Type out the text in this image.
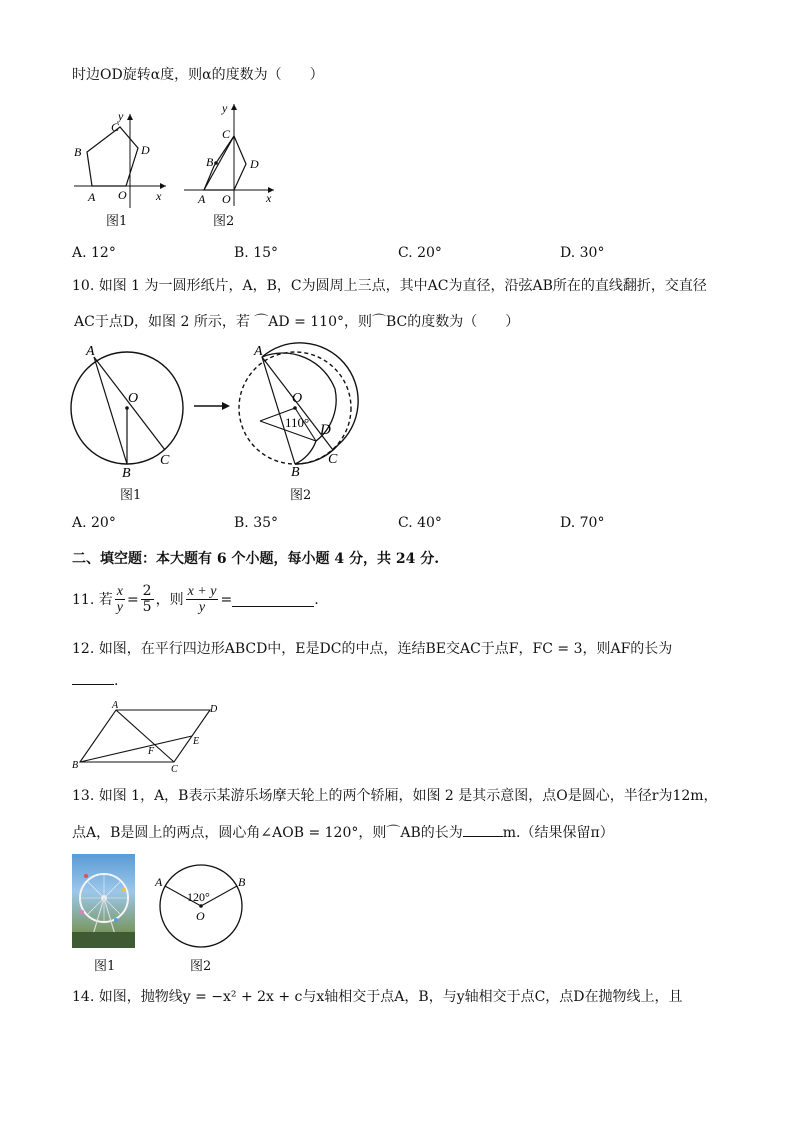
时边OD旋转α度，则α的度数为（　　）
B
C
D
A O x
y
图1
y
C
B	D
A O	x
图2
A. 12°	B. 15°	C. 20°	D. 30°
10. 如图 1 为一圆形纸片，A，B，C为圆周上三点，其中AC为直径，沿弦AB所在的直线翻折，交直径
AC于点D，如图 2 所示，若 ⌒AD = 110°，则⌒BC的度数为（　　）
A
O
B
C
图1
A
O
110° D
B
C
图2
A. 20°	B. 35°	C. 40°	D. 70°
二、填空题：本大题有 6 个小题，每小题 4 分，共 24 分.
11. 若 $\frac{x}{y} = \frac{2}{5}$ ，则 $\frac{x + y}{y}$ =	.
12. 如图，在平行四边形ABCD中，E是DC的中点，连结BE交AC于点F，FC = 3，则AF的长为
.
A	D
E
F
B	C
13. 如图 1，A，B表示某游乐场摩天轮上的两个轿厢，如图 2 是其示意图，点O是圆心，半径r为12m，
点A，B是圆上的两点，圆心角∠AOB = 120°，则⌒AB的长为	m.（结果保留π）
图1
A	B
120°
O
图2
14. 如图，抛物线y = −x² + 2x + c与x轴相交于点A，B，与y轴相交于点C，点D在抛物线上，且
